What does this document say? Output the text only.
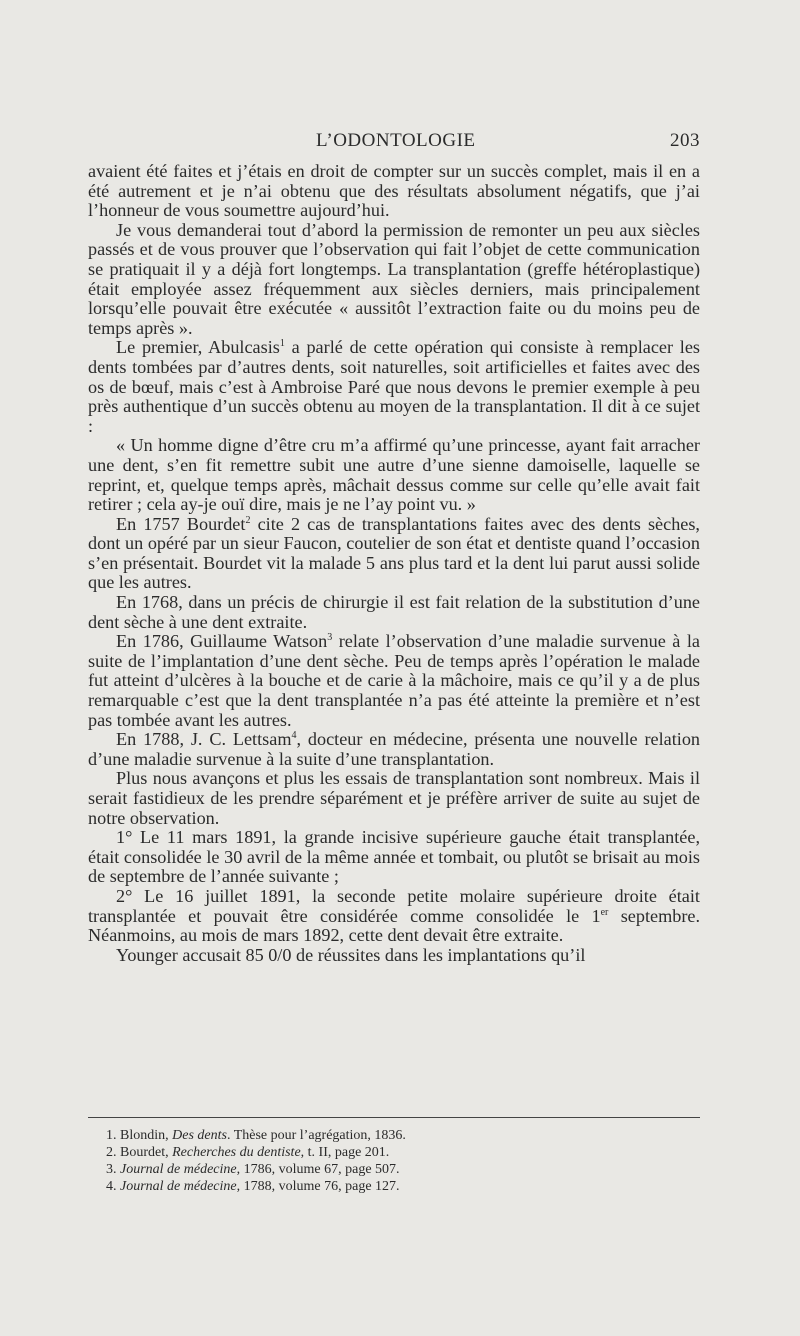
L’ODONTOLOGIE	203

avaient été faites et j’étais en droit de compter sur un succès complet, mais il en a été autrement et je n’ai obtenu que des résultats absolument négatifs, que j’ai l’honneur de vous soumettre aujourd’hui.

Je vous demanderai tout d’abord la permission de remonter un peu aux siècles passés et de vous prouver que l’observation qui fait l’objet de cette communication se pratiquait il y a déjà fort longtemps. La transplantation (greffe hétéroplastique) était employée assez fréquemment aux siècles derniers, mais principalement lorsqu’elle pouvait être exécutée « aussitôt l’extraction faite ou du moins peu de temps après ».

Le premier, Abulcasis$^1$ a parlé de cette opération qui consiste à remplacer les dents tombées par d’autres dents, soit naturelles, soit artificielles et faites avec des os de bœuf, mais c’est à Ambroise Paré que nous devons le premier exemple à peu près authentique d’un succès obtenu au moyen de la transplantation. Il dit à ce sujet :

« Un homme digne d’être cru m’a affirmé qu’une princesse, ayant fait arracher une dent, s’en fit remettre subit une autre d’une sienne damoiselle, laquelle se reprint, et, quelque temps après, mâchait dessus comme sur celle qu’elle avait fait retirer ; cela ay-je ouï dire, mais je ne l’ay point vu. »

En 1757 Bourdet$^2$ cite 2 cas de transplantations faites avec des dents sèches, dont un opéré par un sieur Faucon, coutelier de son état et dentiste quand l’occasion s’en présentait. Bourdet vit la malade 5 ans plus tard et la dent lui parut aussi solide que les autres.

En 1768, dans un précis de chirurgie il est fait relation de la substitution d’une dent sèche à une dent extraite.

En 1786, Guillaume Watson$^3$ relate l’observation d’une maladie survenue à la suite de l’implantation d’une dent sèche. Peu de temps après l’opération le malade fut atteint d’ulcères à la bouche et de carie à la mâchoire, mais ce qu’il y a de plus remarquable c’est que la dent transplantée n’a pas été atteinte la première et n’est pas tombée avant les autres.

En 1788, J. C. Lettsam$^4$, docteur en médecine, présenta une nouvelle relation d’une maladie survenue à la suite d’une transplantation.

Plus nous avançons et plus les essais de transplantation sont nombreux. Mais il serait fastidieux de les prendre séparément et je préfère arriver de suite au sujet de notre observation.

1° Le 11 mars 1891, la grande incisive supérieure gauche était transplantée, était consolidée le 30 avril de la même année et tombait, ou plutôt se brisait au mois de septembre de l’année suivante ;

2° Le 16 juillet 1891, la seconde petite molaire supérieure droite était transplantée et pouvait être considérée comme consolidée le 1er septembre. Néanmoins, au mois de mars 1892, cette dent devait être extraite.

Younger accusait 85 0/0 de réussites dans les implantations qu’il

1. Blondin, Des dents. Thèse pour l’agrégation, 1836.
2. Bourdet, Recherches du dentiste, t. II, page 201.
3. Journal de médecine, 1786, volume 67, page 507.
4. Journal de médecine, 1788, volume 76, page 127.
